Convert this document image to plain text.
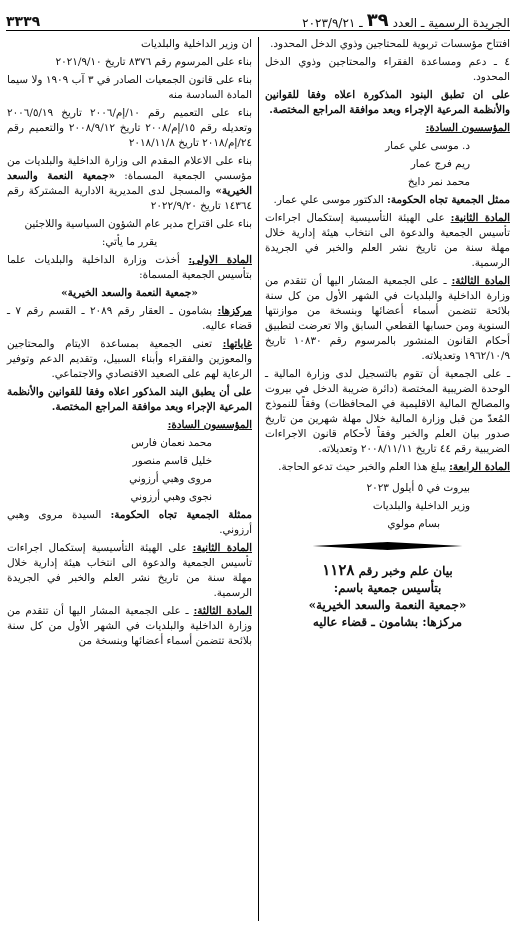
الجريدة الرسمية ـ العدد
٣٩
ـ ٢٠٢٣/٩/٢١
٣٣٣٩

افتتاح مؤسسات تربوية للمحتاجين وذوي الدخل المحدود.

٤ ـ دعم ومساعدة الفقراء والمحتاجين وذوي الدخل المحدود.

على ان تطبق البنود المذكورة اعلاه وفقا للقوانين والأنظمة المرعية الإجراء وبعد موافقة المراجع المختصة.

المؤسسون السادة:

د. موسى علي عمار

ريم فرج عمار

محمد نمر دايخ

ممثل الجمعية تجاه الحكومة: الدكتور موسى علي عمار.

المادة الثانية: على الهيئة التأسيسية إستكمال اجراءات تأسيس الجمعية والدعوة الى انتخاب هيئة إدارية خلال مهلة سنة من تاريخ نشر العلم والخبر في الجريدة الرسمية.

المادة الثالثة: ـ على الجمعية المشار اليها أن تتقدم من وزارة الداخلية والبلديات في الشهر الأول من كل سنة بلائحة تتضمن أسماء أعضائها وبنسخة من موازنتها السنوية ومن حسابها القطعي السابق والا تعرضت لتطبيق أحكام القانون المنشور بالمرسوم رقم ١٠٨٣٠ تاريخ ١٩٦٢/١٠/٩ وتعديلاته.

ـ على الجمعية أن تقوم بالتسجيل لدى وزارة المالية ـ الوحدة الضريبية المختصة (دائرة ضريبة الدخل في بيروت والمصالح المالية الاقليمية في المحافظات) وفقاً للنموذج المُعدّ من قبل وزارة المالية خلال مهلة شهرين من تاريخ صدور بيان العلم والخبر وفقاً لأحكام قانون الاجراءات الضريبية رقم ٤٤ تاريخ ٢٠٠٨/١١/١١ وتعديلاته.

المادة الرابعة: يبلغ هذا العلم والخبر حيث تدعو الحاجة.

بيروت في ٥ أيلول ٢٠٢٣

وزير الداخلية والبلديات

بسام مولوي

بيان علم وخبر رقم ١١٢٨
بتأسيس جمعية باسم:
«جمعية النعمة والسعد الخيرية»
مركزها: بشامون ـ قضاء عاليه

ان وزير الداخلية والبلديات

بناء على المرسوم رقم ٨٣٧٦ تاريخ ٢٠٢١/٩/١٠

بناء على قانون الجمعيات الصادر في ٣ آب ١٩٠٩ ولا سيما المادة السادسة منه

بناء على التعميم رقم ١٠/إم/٢٠٠٦ تاريخ ٢٠٠٦/٥/١٩ وتعديله رقم ١٥/إم/٢٠٠٨ تاريخ ٢٠٠٨/٩/١٢ والتعميم رقم ٢٤/إم/٢٠١٨ تاريخ ٢٠١٨/١١/٨

بناء على الاعلام المقدم الى وزارة الداخلية والبلديات من مؤسسي الجمعية المسماة: «جمعية النعمة والسعد الخيرية» والمسجل لدى المديرية الادارية المشتركة رقم ١٤٣٦٤ تاريخ ٢٠٢٢/٩/٢٠

بناء على اقتراح مدير عام الشؤون السياسية واللاجئين

يقرر ما يأتي:

المادة الاولى: أخذت وزارة الداخلية والبلديات علما بتأسيس الجمعية المسماة:

«جمعية النعمة والسعد الخيرية»

مركزها: بشامون ـ العقار رقم ٢٠٨٩ ـ القسم رقم ٧ ـ قضاء عاليه.

غاياتها: تعنى الجمعية بمساعدة الايتام والمحتاجين والمعوزين والفقراء وأبناء السبيل، وتقديم الدعم وتوفير الرعاية لهم على الصعيد الاقتصادي والاجتماعي.

على أن يطبق البند المذكور اعلاه وفقا للقوانين والأنظمة المرعية الإجراء وبعد موافقة المراجع المختصة.

المؤسسون السادة:

محمد نعمان فارس

خليل قاسم منصور

مروى وهبي أرزوني

نجوى وهبي أرزوني

ممثلة الجمعية تجاه الحكومة: السيدة مروى وهبي أرزوني.

المادة الثانية: على الهيئة التأسيسية إستكمال اجراءات تأسيس الجمعية والدعوة الى انتخاب هيئة إدارية خلال مهلة سنة من تاريخ نشر العلم والخبر في الجريدة الرسمية.

المادة الثالثة: ـ على الجمعية المشار اليها أن تتقدم من وزارة الداخلية والبلديات في الشهر الأول من كل سنة بلائحة تتضمن أسماء أعضائها وبنسخة من
